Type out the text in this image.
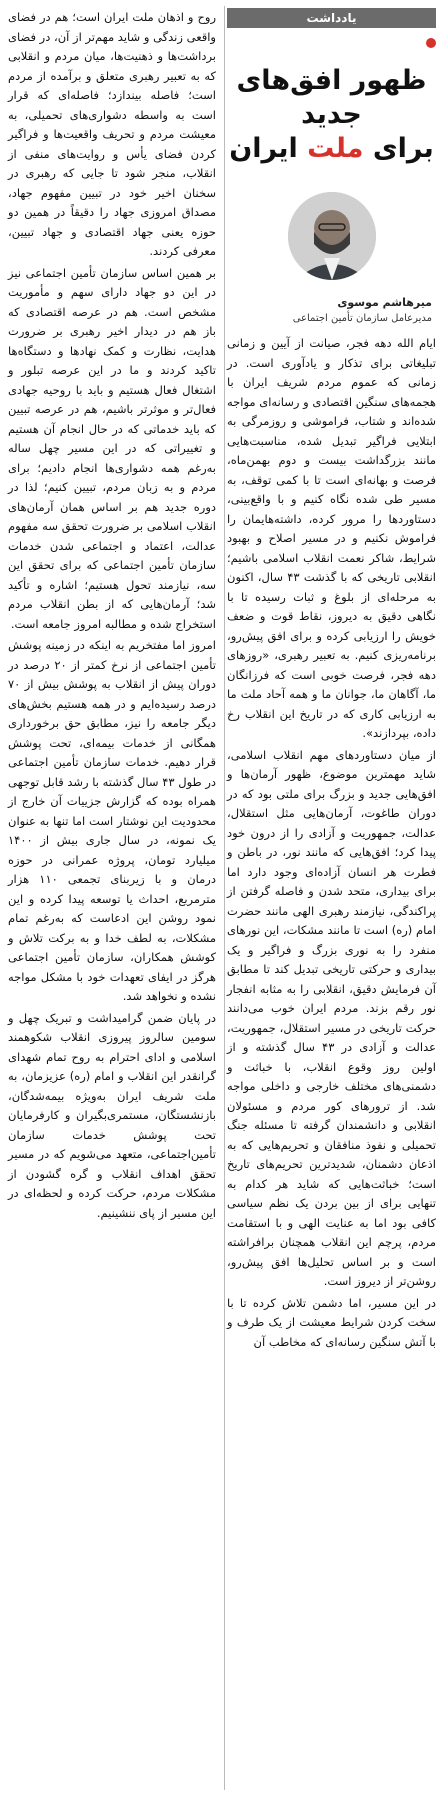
یادداشت
ظهور افق‌های جدید
برای ملت ایران
میرهاشم موسوی
مدیرعامل سازمان تأمین اجتماعی

ایام الله دهه فجر، صیانت از آیین و زمانی تبلیغاتی برای تذکار و یادآوری است. در زمانی که عموم مردم شریف ایران با هجمه‌های سنگین اقتصادی و رسانه‌ای مواجه شده‌اند و شتاب، فراموشی و روزمرگی به ابتلایی فراگیر تبدیل شده، مناسبت‌هایی مانند بزرگداشت بیست و دوم بهمن‌ماه، فرصت و بهانه‌ای است تا با کمی توقف، به مسیر طی شده نگاه کنیم و با واقع‌بینی، دستاوردها را مرور کرده، داشته‌هایمان را فراموش نکنیم و در مسیر اصلاح و بهبود شرایط، شاکر نعمت انقلاب اسلامی باشیم؛ انقلابی تاریخی که با گذشت ۴۳ سال، اکنون به مرحله‌ای از بلوغ و ثبات رسیده تا با نگاهی دقیق به دیروز، نقاط قوت و ضعف خویش را ارزیابی کرده و برای افق پیش‌رو، برنامه‌ریزی کنیم. به تعبیر رهبری، «روزهای دهه فجر، فرصت خوبی است که فرزانگان ما، آگاهان ما، جوانان ما و همه آحاد ملت ما به ارزیابی کاری که در تاریخ این انقلاب رخ داده، بپردازند».

از میان دستاوردهای مهم انقلاب اسلامی، شاید مهمترین موضوع، ظهور آرمان‌ها و افق‌هایی جدید و بزرگ برای ملتی بود که در دوران طاغوت، آرمان‌هایی مثل استقلال، عدالت، جمهوریت و آزادی را از درون خود پیدا کرد؛ افق‌هایی که مانند نور، در باطن و فطرت هر انسان آزاده‌ای وجود دارد اما برای بیداری، متحد شدن و فاصله گرفتن از پراکندگی، نیازمند رهبری الهی مانند حضرت امام (ره) است تا مانند مشکات، این نورهای منفرد را به نوری بزرگ و فراگیر و یک بیداری و حرکتی تاریخی تبدیل کند تا مطابق آن فرمایش دقیق، انقلابی را به مثابه انفجار نور رقم بزند. مردم ایران خوب می‌دانند حرکت تاریخی در مسیر استقلال، جمهوریت، عدالت و آزادی در ۴۳ سال گذشته و از اولین روز وقوع انقلاب، با خباثت و دشمنی‌های مختلف خارجی و داخلی مواجه شد. از ترورهای کور مردم و مسئولان انقلابی و دانشمندان گرفته تا مسئله جنگ تحمیلی و نفوذ منافقان و تحریم‌هایی که به اذعان دشمنان، شدیدترین تحریم‌های تاریخ است؛ خباثت‌هایی که شاید هر کدام به تنهایی برای از بین بردن یک نظم سیاسی کافی بود اما به عنایت الهی و با استقامت مردم، پرچم این انقلاب همچنان برافراشته است و بر اساس تحلیل‌ها افق پیش‌رو، روشن‌تر از دیروز است.

در این مسیر، اما دشمن تلاش کرده تا با سخت کردن شرایط معیشت از یک طرف و با آتش سنگین رسانه‌ای که مخاطب آن

روح و اذهان ملت ایران است؛ هم در فضای واقعی زندگی و شاید مهم‌تر از آن، در فضای برداشت‌ها و ذهنیت‌ها، میان مردم و انقلابی که به تعبیر رهبری متعلق و برآمده از مردم است؛ فاصله بیندازد؛ فاصله‌ای که قرار است به واسطه دشواری‌های تحمیلی، به معیشت مردم و تحریف واقعیت‌ها و فراگیر کردن فضای یأس و روایت‌های منفی از انقلاب، منجر شود تا جایی که رهبری در سخنان اخیر خود در تبیین مفهوم جهاد، مصداق امروزی جهاد را دقیقاً در همین دو حوزه یعنی جهاد اقتصادی و جهاد تبیین، معرفی کردند.

بر همین اساس سازمان تأمین اجتماعی نیز در این دو جهاد دارای سهم و مأموریت مشخص است. هم در عرصه اقتصادی که باز هم در دیدار اخیر رهبری بر ضرورت هدایت، نظارت و کمک نهادها و دستگاه‌ها تاکید کردند و ما در این عرصه تبلور و اشتغال فعال هستیم و باید با روحیه جهادی فعال‌تر و موثرتر باشیم، هم در عرصه تبیین که باید خدماتی که در حال انجام آن هستیم و تغییراتی که در این مسیر چهل ساله به‌رغم همه دشواری‌ها انجام دادیم؛ برای مردم و به زبان مردم، تبیین کنیم؛ لذا در دوره جدید هم بر اساس همان آرمان‌های انقلاب اسلامی بر ضرورت تحقق سه مفهوم عدالت، اعتماد و اجتماعی شدن خدمات سازمان تأمین اجتماعی که برای تحقق این سه، نیازمند تحول هستیم؛ اشاره و تأکید شد؛ آرمان‌هایی که از بطن انقلاب مردم استخراج شده و مطالبه امروز جامعه است.

امروز اما مفتخریم به اینکه در زمینه پوشش تأمین اجتماعی از نرخ کمتر از ۲۰ درصد در دوران پیش از انقلاب به پوشش بیش از ۷۰ درصد رسیده‌ایم و در همه هستیم بخش‌های دیگر جامعه را نیز، مطابق حق برخورداری همگانی از خدمات بیمه‌ای، تحت پوشش قرار دهیم. خدمات سازمان تأمین اجتماعی در طول ۴۳ سال گذشته با رشد قابل توجهی همراه بوده که گزارش جزییات آن خارج از محدودیت این نوشتار است اما تنها به عنوان یک نمونه، در سال جاری بیش از ۱۴۰۰ میلیارد تومان، پروژه عمرانی در حوزه درمان و با زیربنای تجمعی ۱۱۰ هزار مترمربع، احداث یا توسعه پیدا کرده و این نمود روشن این ادعاست که به‌رغم تمام مشکلات، به لطف خدا و به برکت تلاش و کوشش همکاران، سازمان تأمین اجتماعی هرگز در ایفای تعهدات خود با مشکل مواجه نشده و نخواهد شد.

در پایان ضمن گرامیداشت و تبریک چهل و سومین سالروز پیروزی انقلاب شکوهمند اسلامی و ادای احترام به روح تمام شهدای گرانقدر این انقلاب و امام (ره) عزیزمان، به ملت شریف ایران به‌ویژه بیمه‌شدگان، بازنشستگان، مستمری‌بگیران و کارفرمایان تحت پوشش خدمات سازمان تأمین‌اجتماعی، متعهد می‌شویم که در مسیر تحقق اهداف انقلاب و گره گشودن از مشکلات مردم، حرکت کرده و لحظه‌ای در این مسیر از پای ننشینیم.
